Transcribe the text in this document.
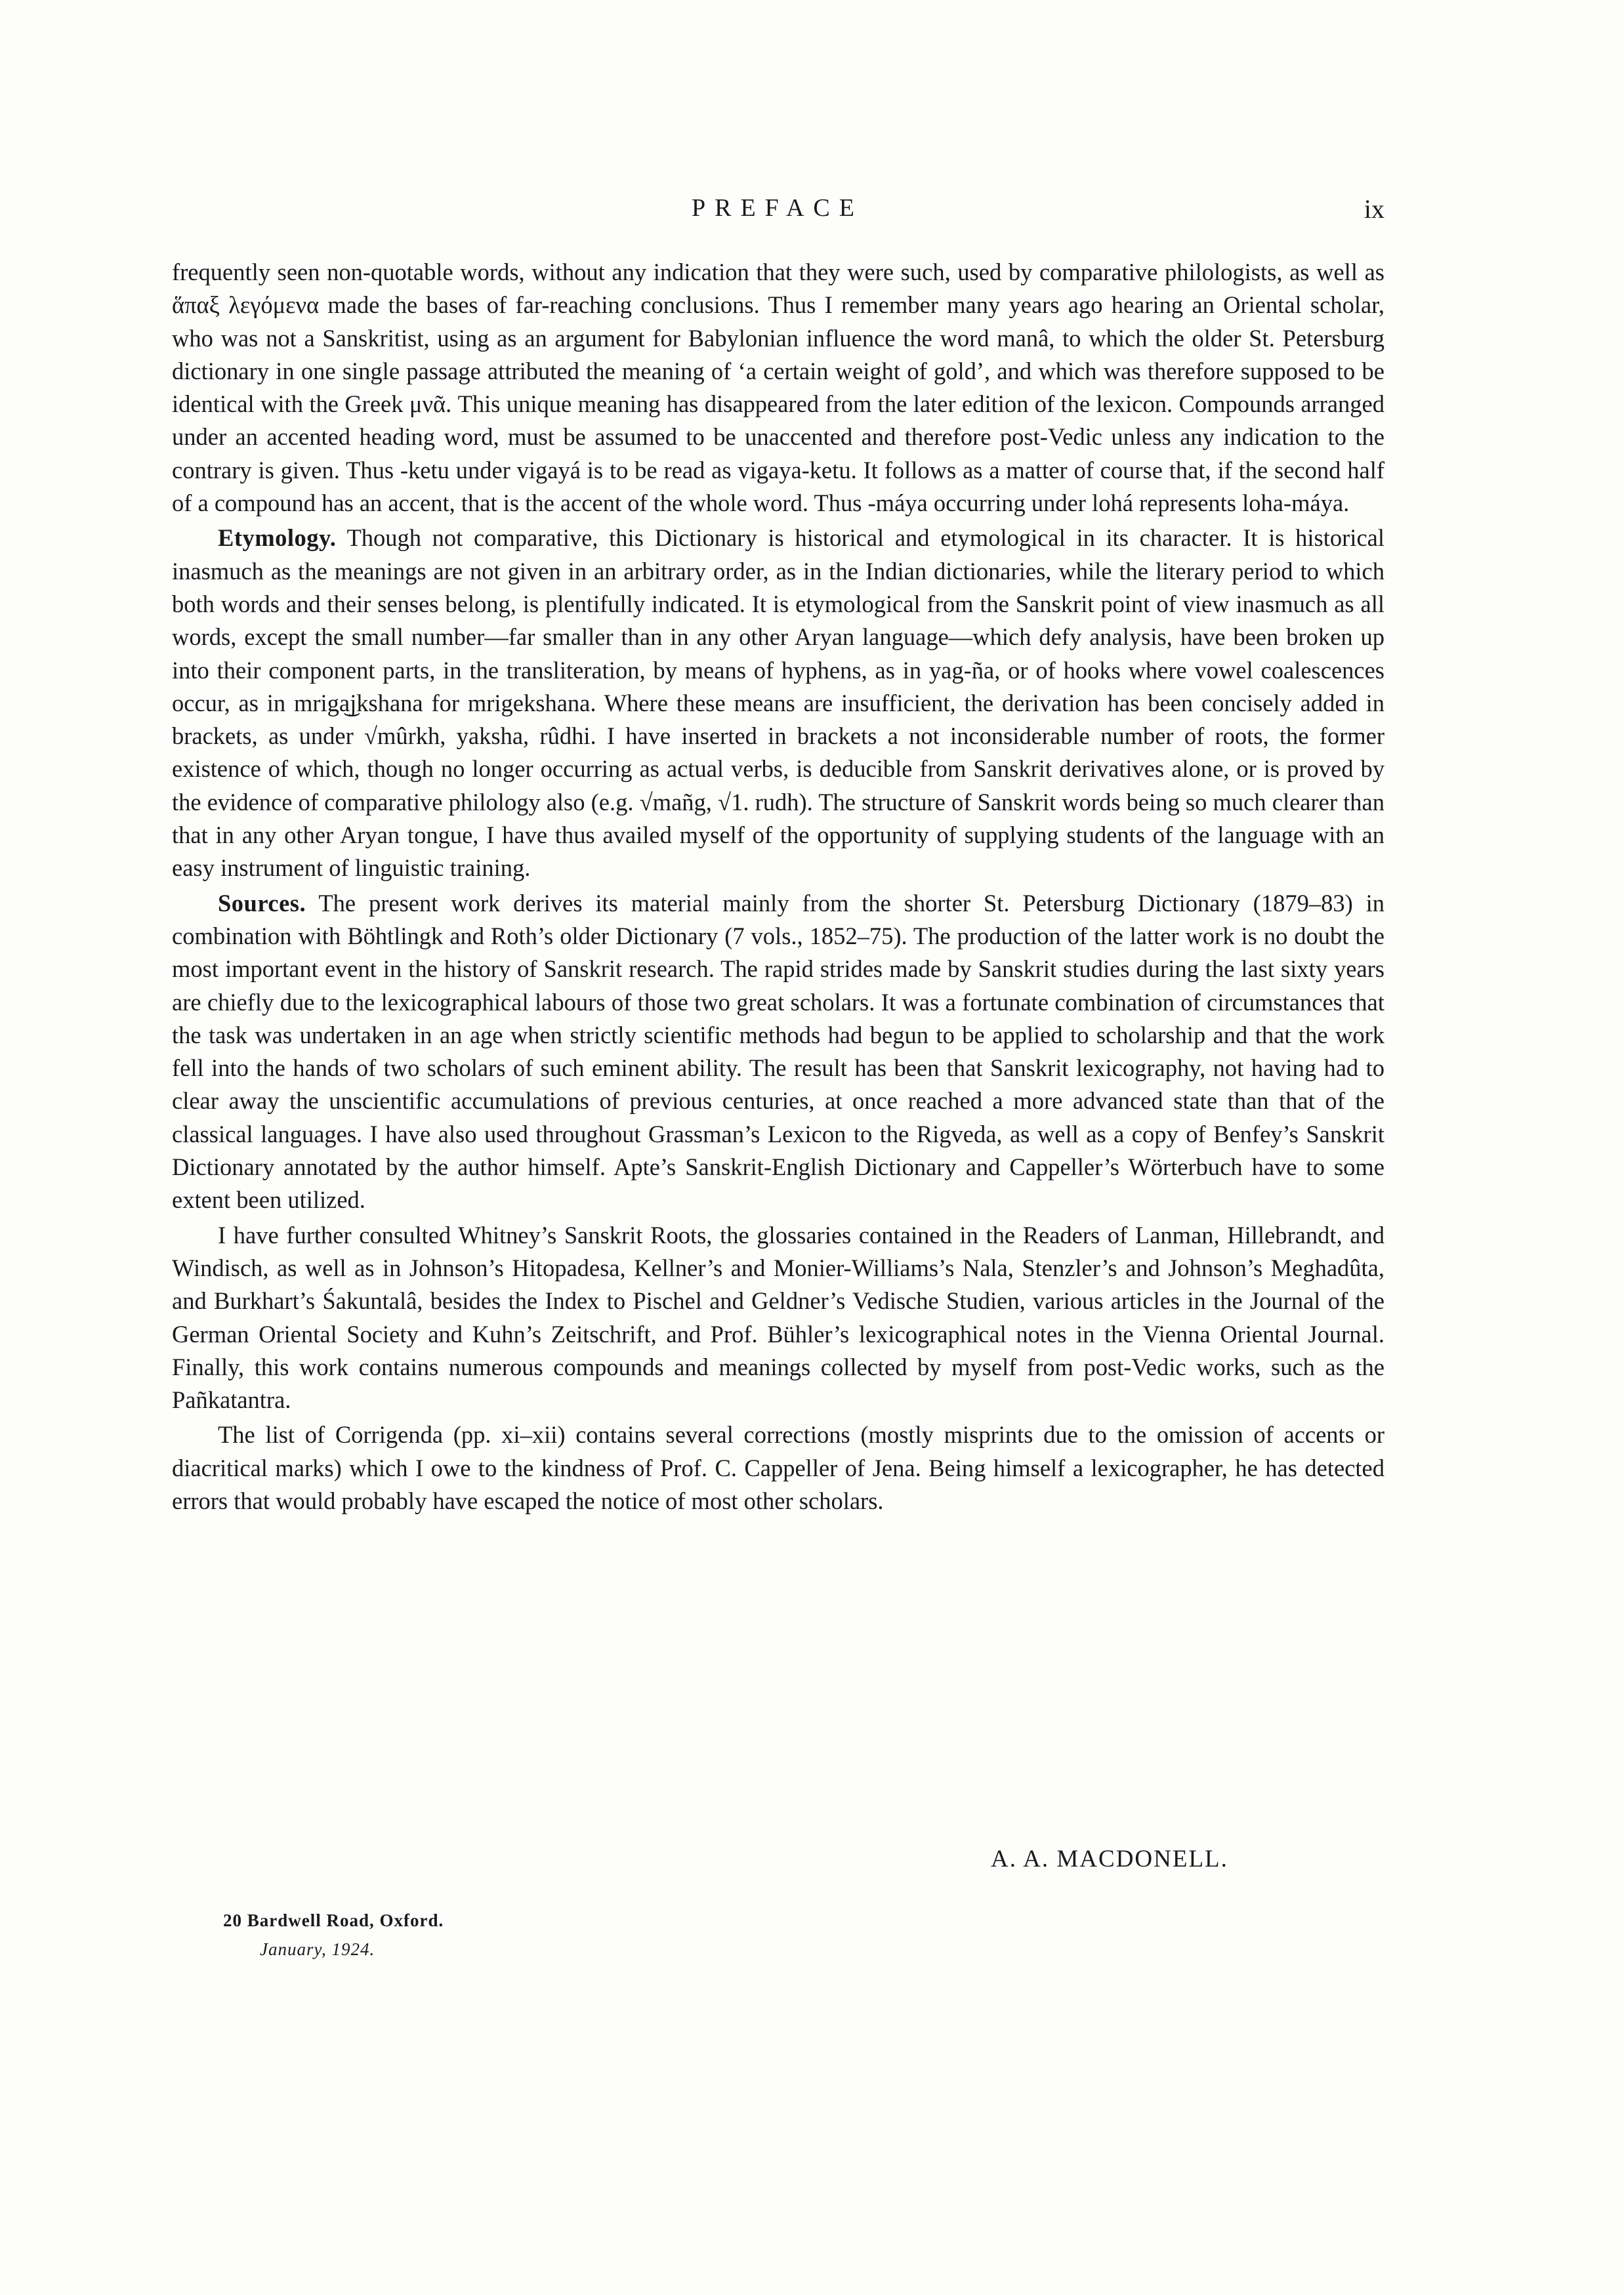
PREFACE	ix

frequently seen non-quotable words, without any indication that they were such, used by comparative philologists, as well as ἅπαξ λεγόμενα made the bases of far-reaching conclusions. Thus I remember many years ago hearing an Oriental scholar, who was not a Sanskritist, using as an argument for Babylonian influence the word manâ, to which the older St. Petersburg dictionary in one single passage attributed the meaning of ‘a certain weight of gold’, and which was therefore supposed to be identical with the Greek μνᾶ. This unique meaning has disappeared from the later edition of the lexicon. Compounds arranged under an accented heading word, must be assumed to be unaccented and therefore post-Vedic unless any indication to the contrary is given. Thus -ketu under vigayá is to be read as vigaya-ketu. It follows as a matter of course that, if the second half of a compound has an accent, that is the accent of the whole word. Thus -máya occurring under lohá represents loha-máya.

Etymology. Though not comparative, this Dictionary is historical and etymological in its character. It is historical inasmuch as the meanings are not given in an arbitrary order, as in the Indian dictionaries, while the literary period to which both words and their senses belong, is plentifully indicated. It is etymological from the Sanskrit point of view inasmuch as all words, except the small number—far smaller than in any other Aryan language—which defy analysis, have been broken up into their component parts, in the transliteration, by means of hyphens, as in yag-ña, or of hooks where vowel coalescences occur, as in mriga͜jkshana for mrigekshana. Where these means are insufficient, the derivation has been concisely added in brackets, as under √mûrkh, yaksha, rûdhi. I have inserted in brackets a not inconsiderable number of roots, the former existence of which, though no longer occurring as actual verbs, is deducible from Sanskrit derivatives alone, or is proved by the evidence of comparative philology also (e.g. √mañg, √1. rudh). The structure of Sanskrit words being so much clearer than that in any other Aryan tongue, I have thus availed myself of the opportunity of supplying students of the language with an easy instrument of linguistic training.

Sources. The present work derives its material mainly from the shorter St. Petersburg Dictionary (1879–83) in combination with Böhtlingk and Roth’s older Dictionary (7 vols., 1852–75). The production of the latter work is no doubt the most important event in the history of Sanskrit research. The rapid strides made by Sanskrit studies during the last sixty years are chiefly due to the lexicographical labours of those two great scholars. It was a fortunate combination of circumstances that the task was undertaken in an age when strictly scientific methods had begun to be applied to scholarship and that the work fell into the hands of two scholars of such eminent ability. The result has been that Sanskrit lexicography, not having had to clear away the unscientific accumulations of previous centuries, at once reached a more advanced state than that of the classical languages. I have also used throughout Grassman’s Lexicon to the Rigveda, as well as a copy of Benfey’s Sanskrit Dictionary annotated by the author himself. Apte’s Sanskrit-English Dictionary and Cappeller’s Wörterbuch have to some extent been utilized.

I have further consulted Whitney’s Sanskrit Roots, the glossaries contained in the Readers of Lanman, Hillebrandt, and Windisch, as well as in Johnson’s Hitopadesa, Kellner’s and Monier-Williams’s Nala, Stenzler’s and Johnson’s Meghadûta, and Burkhart’s Śakuntalâ, besides the Index to Pischel and Geldner’s Vedische Studien, various articles in the Journal of the German Oriental Society and Kuhn’s Zeitschrift, and Prof. Bühler’s lexicographical notes in the Vienna Oriental Journal. Finally, this work contains numerous compounds and meanings collected by myself from post-Vedic works, such as the Pañkatantra.

The list of Corrigenda (pp. xi–xii) contains several corrections (mostly misprints due to the omission of accents or diacritical marks) which I owe to the kindness of Prof. C. Cappeller of Jena. Being himself a lexicographer, he has detected errors that would probably have escaped the notice of most other scholars.

A. A. MACDONELL.
20 Bardwell Road, Oxford.
January, 1924.
